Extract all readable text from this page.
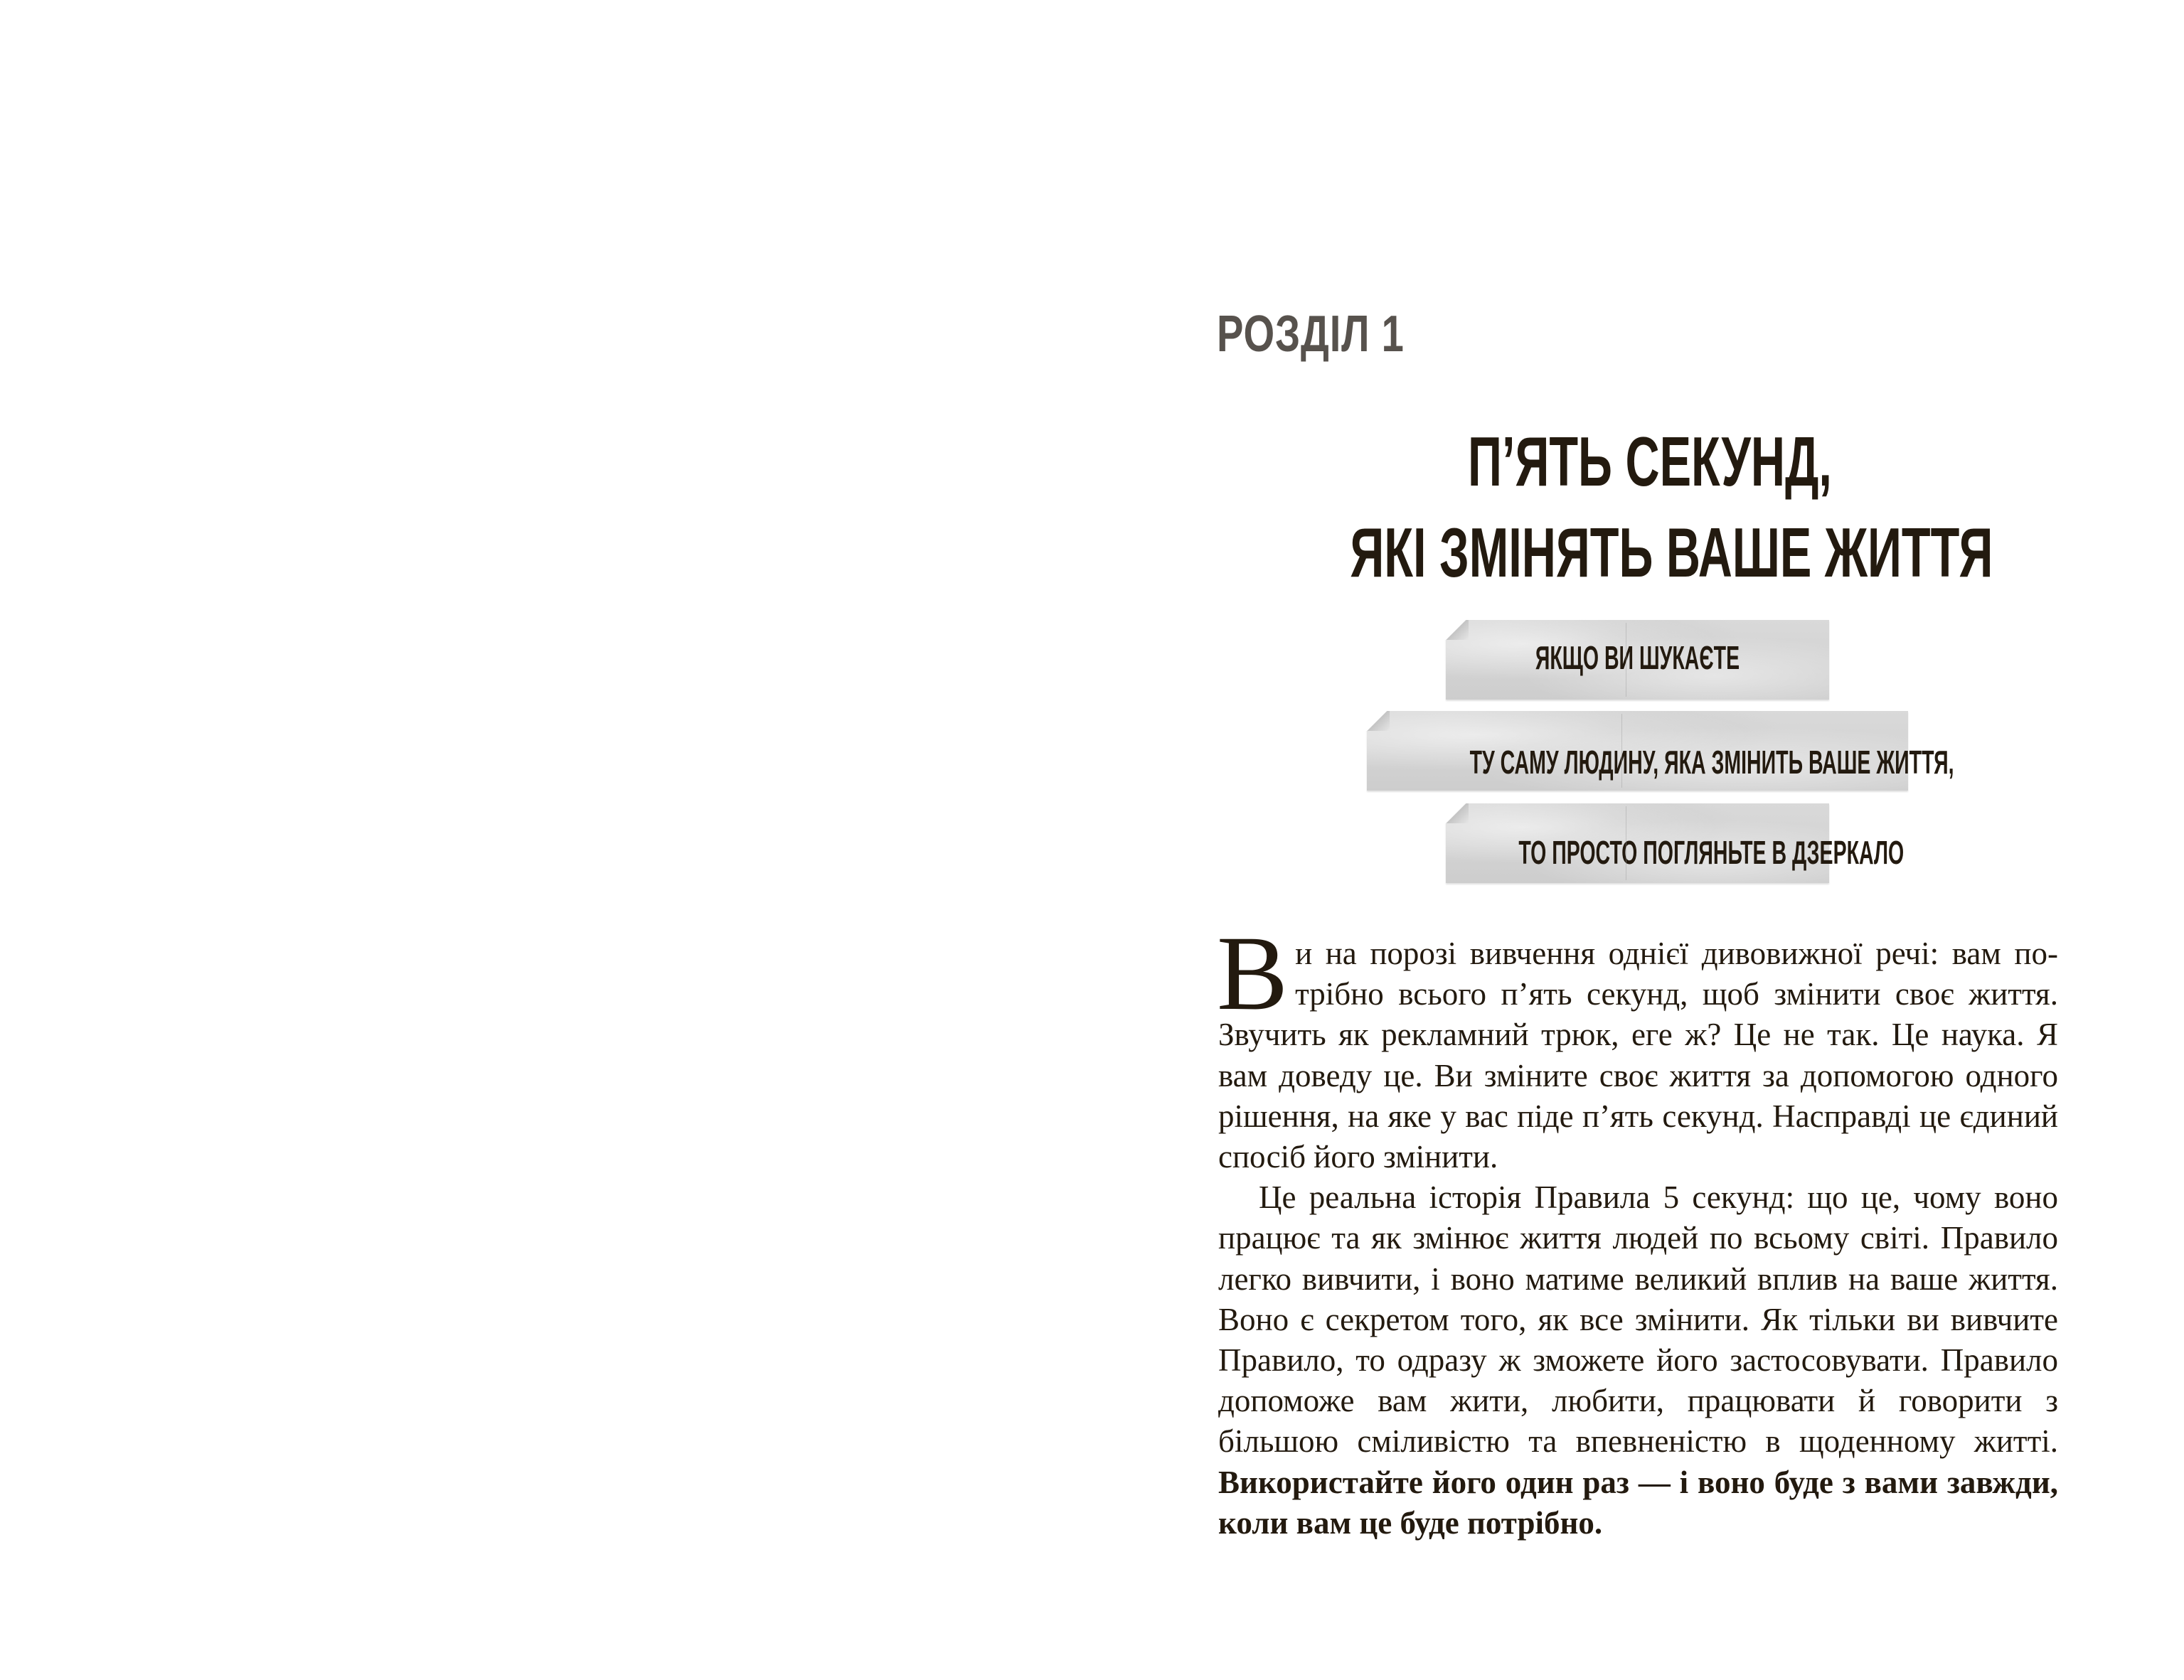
РОЗДІЛ 1
П’ЯТЬ СЕКУНД,
ЯКІ ЗМІНЯТЬ ВАШЕ ЖИТТЯ
ЯКЩО ВИ ШУКАЄТЕ
ТУ САМУ ЛЮДИНУ, ЯКА ЗМІНИТЬ ВАШЕ ЖИТТЯ,
ТО ПРОСТО ПОГЛЯНЬТЕ В ДЗЕРКАЛО

Ви на порозі вивчення однієї дивовижної речі: вам потрібно всього п’ять секунд, щоб змінити своє життя. Звучить як рекламний трюк, еге ж? Це не так. Це наука. Я вам доведу це. Ви зміните своє життя за допомогою одного рішення, на яке у вас піде п’ять секунд. Насправді це єдиний спосіб його змінити.

Це реальна історія Правила 5 секунд: що це, чому воно працює та як змінює життя людей по всьому світі. Правило легко вивчити, і воно матиме великий вплив на ваше життя. Воно є секретом того, як все змінити. Як тільки ви вивчите Правило, то одразу ж зможете його застосовувати. Правило допоможе вам жити, любити, працювати й говорити з більшою сміливістю та впевненістю в щоденному житті. Використайте його один раз — і воно буде з вами завжди, коли вам це буде потрібно.
